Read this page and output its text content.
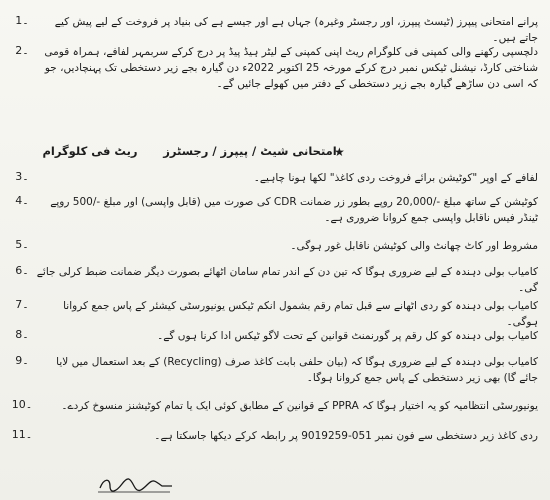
۔1	پرانے امتحانی پیپرز (ٹیسٹ پیپرز، اور رجسٹر وغیرہ) جہاں ہے اور جیسے ہے کی بنیاد پر فروخت کے لیے پیش کیے جاتے ہیں۔
۔2	دلچسپی رکھنے والی کمپنی فی کلوگرام ریٹ اپنی کمپنی کے لیٹر ہیڈ پیڈ پر درج کرکے سربمہر لفافے، ہمراہ قومی شناختی کارڈ، نیشنل ٹیکس نمبر درج کرکے مورخہ 25 اکتوبر 2022ء دن گیارہ بجے زیر دستخطی تک پہنچادیں، جو کہ اسی دن ساڑھے گیارہ بجے زیر دستخطی کے دفتر میں کھولے جائیں گے۔
★
امتحانی شیٹ / پیپرز / رجسٹرز
ریٹ فی کلوگرام
۔3	لفافے کے اوپر "کوٹیشن برائے فروخت ردی کاغذ" لکھا ہونا چاہیے۔
۔4	کوٹیشن کے ساتھ مبلغ -/20,000 روپے بطور زر ضمانت CDR کی صورت میں (قابل واپسی) اور مبلغ -/500 روپے ٹینڈر فیس ناقابل واپسی جمع کروانا ضروری ہے۔
۔5	مشروط اور کاٹ چھانٹ والی کوٹیشن ناقابل غور ہوگی۔
۔6 کامیاب بولی دہندہ کے لیے ضروری ہوگا کہ تین دن کے اندر تمام سامان اٹھائے بصورت دیگر ضمانت ضبط کرلی جائے گی۔
۔7	کامیاب بولی دہندہ کو ردی اٹھانے سے قبل تمام رقم بشمول انکم ٹیکس یونیورسٹی کیشئر کے پاس جمع کروانا ہوگی۔
۔8	کامیاب بولی دہندہ کو کل رقم پر گورنمنٹ قوانین کے تحت لاگو ٹیکس ادا کرنا ہوں گے۔
۔9	کامیاب بولی دہندہ کے لیے ضروری ہوگا کہ (بیان حلفی بابت کاغذ صرف (Recycling) کے بعد استعمال میں لایا جائے گا) بھی زیر دستخطی کے پاس جمع کروانا ہوگا۔
۔10	یونیورسٹی انتظامیہ کو یہ اختیار ہوگا کہ PPRA کے قوانین کے مطابق کوئی ایک یا تمام کوٹیشنز منسوخ کردے۔
۔11	ردی کاغذ زیر دستخطی سے فون نمبر 051-9019259 پر رابطہ کرکے دیکھا جاسکتا ہے۔
